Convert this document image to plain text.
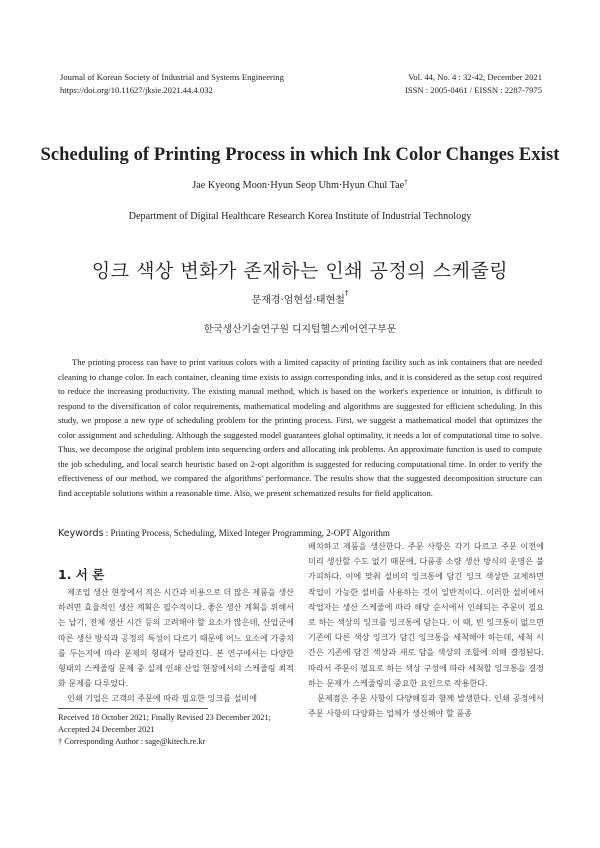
Journal of Korean Society of Industrial and Systems Engineering
https://doi.org/10.11627/jksie.2021.44.4.032
Vol. 44, No. 4 : 32-42, December 2021
ISSN : 2005-0461 / EISSN : 2287-7975
Scheduling of Printing Process in which Ink Color Changes Exist
Jae Kyeong Moon·Hyun Seop Uhm·Hyun Chul Tae†
Department of Digital Healthcare Research Korea Institute of Industrial Technology
잉크 색상 변화가 존재하는 인쇄 공정의 스케줄링
문재경·엄현섭·태현철†
한국생산기술연구원 디지털헬스케어연구부문

The printing process can have to print various colors with a limited capacity of printing facility such as ink containers that are needed cleaning to change color. In each container, cleaning time exists to assign corresponding inks, and it is considered as the setup cost required to reduce the increasing productivity. The existing manual method, which is based on the worker's experience or intuition, is difficult to respond to the diversification of color requirements, mathematical modeling and algorithms are suggested for efficient scheduling. In this study, we propose a new type of scheduling problem for the printing process. First, we suggest a mathematical model that optimizes the color assignment and scheduling. Although the suggested model guarantees global optimality, it needs a lot of computational time to solve. Thus, we decompose the original problem into sequencing orders and allocating ink problems. An approximate function is used to compute the job scheduling, and local search heuristic based on 2-opt algorithm is suggested for reducing computational time. In order to verify the effectiveness of our method, we compared the algorithms' performance. The results show that the suggested decomposition structure can find acceptable solutions within a reasonable time. Also, we present schematized results for field application.

Keywords : Printing Process, Scheduling, Mixed Integer Programming, 2-OPT Algorithm
1. 서 론

제조업 생산 현장에서 적은 시간과 비용으로 더 많은 제품을 생산하려면 효율적인 생산 계획은 필수적이다. 좋은 생산 계획을 위해서는 납기, 전체 생산 시간 등의 고려해야 할 요소가 많은데, 산업군에 따른 생산 방식과 공정의 특성이 다르기 때문에 어느 요소에 가중치를 두는지에 따라 문제의 형태가 달라진다. 본 연구에서는 다양한 형태의 스케줄링 문제 중 실제 인쇄 산업 현장에서의 스케줄링 최적화 문제를 다루었다.

인쇄 기업은 고객의 주문에 따라 필요한 잉크를 설비에

배치하고 제품을 생산한다. 주문 사항은 각기 다르고 주문 이전에 미리 생산할 수도 없기 때문에, 다품종 소량 생산 방식의 운영은 불가피하다. 이에 맞춰 설비의 잉크통에 담긴 잉크 색상만 교체하면 작업이 가능한 설비를 사용하는 것이 일반적이다. 이러한 설비에서 작업자는 생산 스케줄에 따라 해당 순서에서 인쇄되는 주문이 필요로 하는 색상의 잉크를 잉크통에 담는다. 이 때, 빈 잉크통이 없으면 기존에 다른 색상 잉크가 담긴 잉크통을 세척해야 하는데, 세척 시간은 기존에 담긴 색상과 새로 담을 색상의 조합에 의해 결정된다. 따라서 주문이 필요로 하는 색상 구성에 따라 세척할 잉크통을 결정하는 문제가 스케줄링의 중요한 요인으로 작용한다.

문제점은 주문 사항이 다양해짐과 함께 발생한다. 인쇄 공정에서 주문 사항의 다양화는 업체가 생산해야 할 품종

Received 18 October 2021; Finally Revised 23 December 2021;
Accepted 24 December 2021
† Corresponding Author : sage@kitech.re.kr
